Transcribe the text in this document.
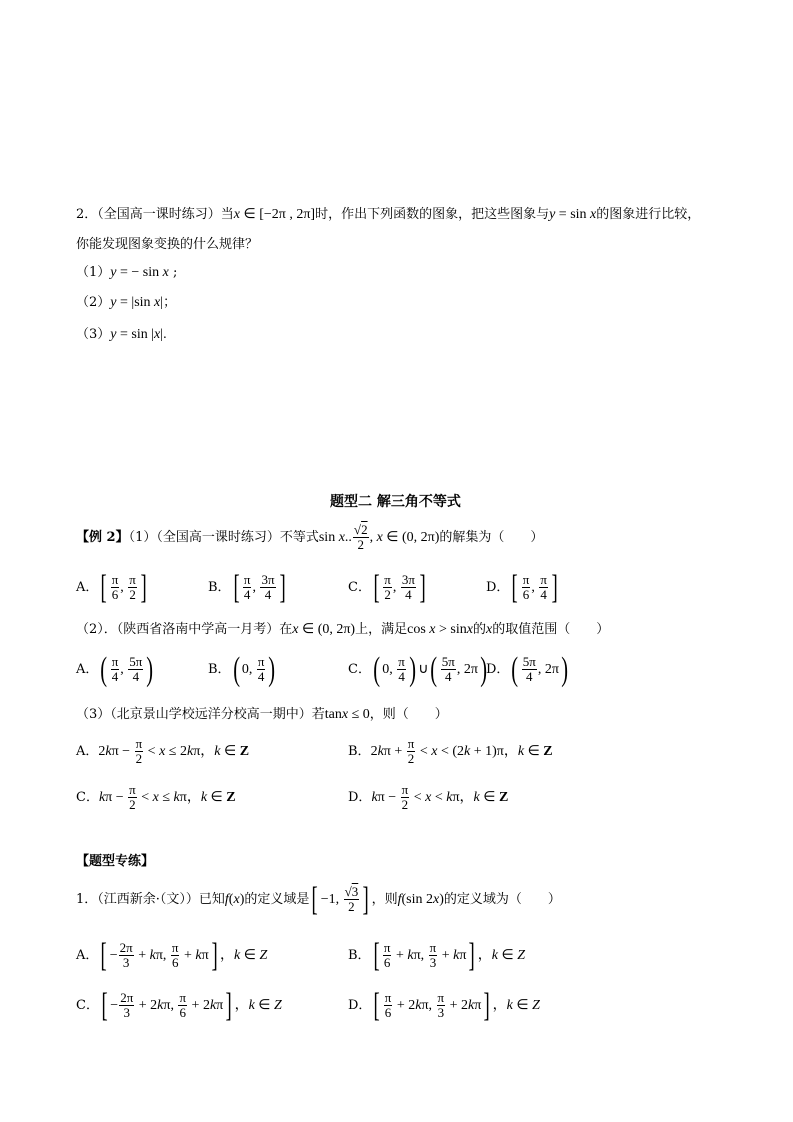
2．（全国高一课时练习）当x ∈ [−2π , 2π]时，作出下列函数的图象，把这些图象与y = sin x的图象进行比较，
你能发现图象变换的什么规律？
（1）y = − sin x ;
（2）y = |sin x|；
（3）y = sin |x|.
题型二 解三角不等式
【例 2】（1）（全国高一课时练习）不等式sin x.. $\frac{√2}{2}$ , x ∈ (0, 2π)的解集为（　　）
A．[ $\frac{\pi}{6}$ , $\frac{\pi}{2}$ ]	B．[ $\frac{\pi}{4}$ , $\frac{3\pi}{4}$ ]	C．[ $\frac{\pi}{2}$ , $\frac{3\pi}{4}$ ]	D．[ $\frac{\pi}{6}$ , $\frac{\pi}{4}$ ]
（2）．（陕西省洛南中学高一月考）在x ∈ (0, 2π)上，满足cos x > sinx的x的取值范围（　　）
A．( $\frac{\pi}{4}$ , $\frac{5\pi}{4}$ )	B．( 0, $\frac{\pi}{4}$ )	C．( 0, $\frac{\pi}{4}$ ) ∪( $\frac{5\pi}{4}$ , 2π) D．( $\frac{5\pi}{4}$ , 2π)
（3）（北京景山学校远洋分校高一期中）若tanx ≤ 0，则（　　）
A．$2k\pi - \frac{\pi}{2} < x \le 2k\pi$，k ∈ Z	B．$2k\pi + \frac{\pi}{2} < x < (2k + 1)\pi$，k ∈ Z
C．$k\pi - \frac{\pi}{2} < x \le k\pi$，k ∈ Z	D．$k\pi - \frac{\pi}{2} < x < k\pi$，k ∈ Z
【题型专练】
1．（江西新余·（文））已知f(x)的定义域是[ −1, $\frac{√3}{2}$ ] ，则f(sin 2x)的定义域为（　　）
A．[ − $\frac{2\pi}{3} + k\pi$, $\frac{\pi}{6} + k\pi$] ，k ∈ Z	B．[ $\frac{\pi}{6} + k\pi$, $\frac{\pi}{3} + k\pi$] ，k ∈ Z
C．[ − $\frac{2\pi}{3} + 2k\pi$, $\frac{\pi}{6} + 2k\pi$] ，k ∈ Z	D．[ $\frac{\pi}{6} + 2k\pi$, $\frac{\pi}{3} + 2k\pi$] ，k ∈ Z
